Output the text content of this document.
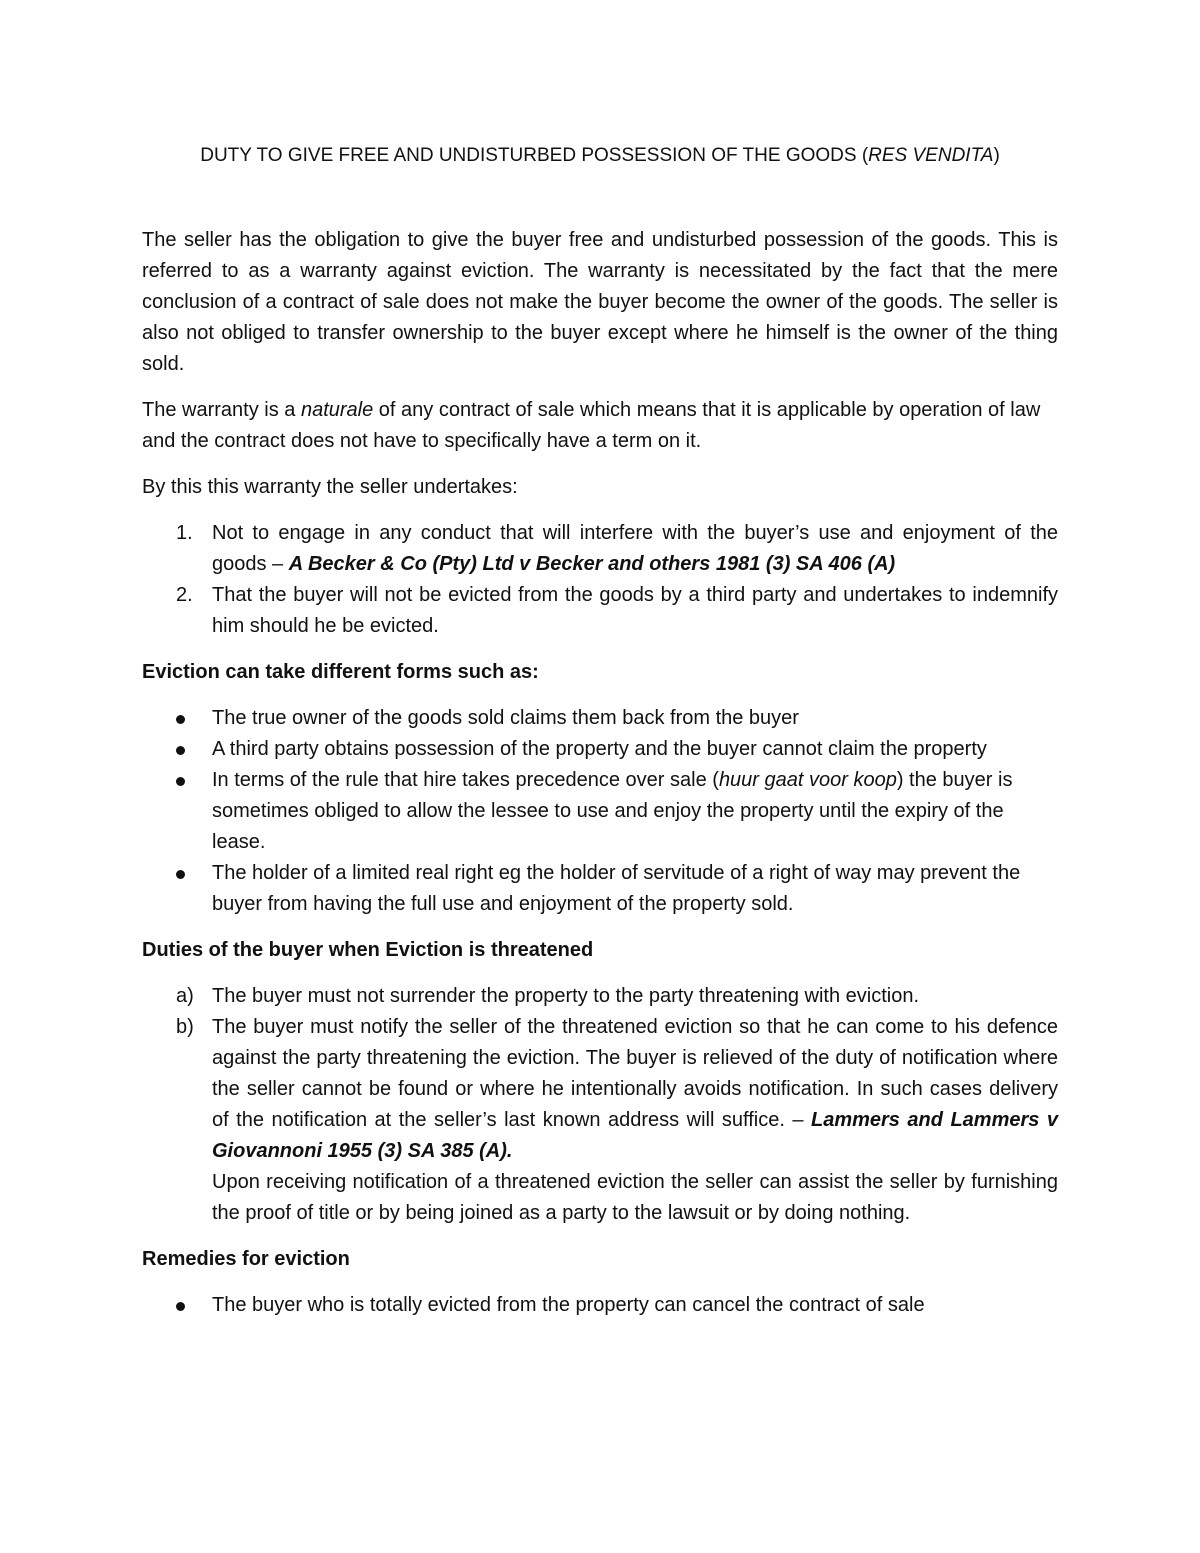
DUTY TO GIVE FREE AND UNDISTURBED POSSESSION OF THE GOODS (RES VENDITA)

The seller has the obligation to give the buyer free and undisturbed possession of the goods. This is referred to as a warranty against eviction. The warranty is necessitated by the fact that the mere conclusion of a contract of sale does not make the buyer become the owner of the goods. The seller is also not obliged to transfer ownership to the buyer except where he himself is the owner of the thing sold.

The warranty is a naturale of any contract of sale which means that it is applicable by operation of law and the contract does not have to specifically have a term on it.

By this this warranty the seller undertakes:

1. Not to engage in any conduct that will interfere with the buyer’s use and enjoyment of the goods – A Becker & Co (Pty) Ltd v Becker and others 1981 (3) SA 406 (A)
2. That the buyer will not be evicted from the goods by a third party and undertakes to indemnify him should he be evicted.
Eviction can take different forms such as:
The true owner of the goods sold claims them back from the buyer
A third party obtains possession of the property and the buyer cannot claim the property
In terms of the rule that hire takes precedence over sale (huur gaat voor koop) the buyer is sometimes obliged to allow the lessee to use and enjoy the property until the expiry of the lease.
The holder of a limited real right eg the holder of servitude of a right of way may prevent the buyer from having the full use and enjoyment of the property sold.
Duties of the buyer when Eviction is threatened
a) The buyer must not surrender the property to the party threatening with eviction.
b) The buyer must notify the seller of the threatened eviction so that he can come to his defence against the party threatening the eviction. The buyer is relieved of the duty of notification where the seller cannot be found or where he intentionally avoids notification. In such cases delivery of the notification at the seller’s last known address will suffice. – Lammers and Lammers v Giovannoni 1955 (3) SA 385 (A).
Upon receiving notification of a threatened eviction the seller can assist the seller by furnishing the proof of title or by being joined as a party to the lawsuit or by doing nothing.
Remedies for eviction
The buyer who is totally evicted from the property can cancel the contract of sale
